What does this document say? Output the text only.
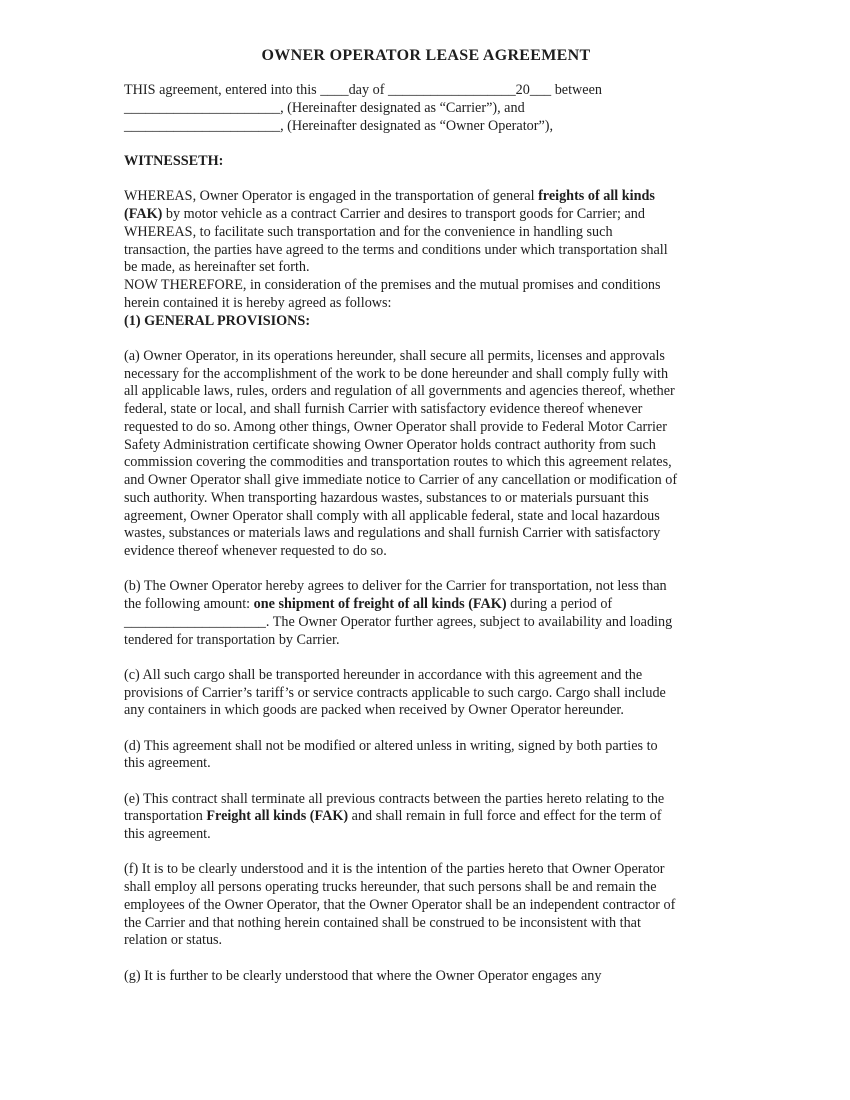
OWNER OPERATOR LEASE AGREEMENT

THIS agreement, entered into this ____day of __________________20___ between
______________________, (Hereinafter designated as “Carrier”), and
______________________, (Hereinafter designated as “Owner Operator”),

WITNESSETH:

WHEREAS, Owner Operator is engaged in the transportation of general freights of all kinds
(FAK) by motor vehicle as a contract Carrier and desires to transport goods for Carrier; and
WHEREAS, to facilitate such transportation and for the convenience in handling such
transaction, the parties have agreed to the terms and conditions under which transportation shall
be made, as hereinafter set forth.
NOW THEREFORE, in consideration of the premises and the mutual promises and conditions
herein contained it is hereby agreed as follows:
(1) GENERAL PROVISIONS:

(a) Owner Operator, in its operations hereunder, shall secure all permits, licenses and approvals
necessary for the accomplishment of the work to be done hereunder and shall comply fully with
all applicable laws, rules, orders and regulation of all governments and agencies thereof, whether
federal, state or local, and shall furnish Carrier with satisfactory evidence thereof whenever
requested to do so. Among other things, Owner Operator shall provide to Federal Motor Carrier
Safety Administration certificate showing Owner Operator holds contract authority from such
commission covering the commodities and transportation routes to which this agreement relates,
and Owner Operator shall give immediate notice to Carrier of any cancellation or modification of
such authority. When transporting hazardous wastes, substances to or materials pursuant this
agreement, Owner Operator shall comply with all applicable federal, state and local hazardous
wastes, substances or materials laws and regulations and shall furnish Carrier with satisfactory
evidence thereof whenever requested to do so.

(b) The Owner Operator hereby agrees to deliver for the Carrier for transportation, not less than
the following amount: one shipment of freight of all kinds (FAK) during a period of
____________________. The Owner Operator further agrees, subject to availability and loading
tendered for transportation by Carrier.

(c) All such cargo shall be transported hereunder in accordance with this agreement and the
provisions of Carrier’s tariff’s or service contracts applicable to such cargo. Cargo shall include
any containers in which goods are packed when received by Owner Operator hereunder.

(d) This agreement shall not be modified or altered unless in writing, signed by both parties to
this agreement.

(e) This contract shall terminate all previous contracts between the parties hereto relating to the
transportation Freight all kinds (FAK) and shall remain in full force and effect for the term of
this agreement.

(f) It is to be clearly understood and it is the intention of the parties hereto that Owner Operator
shall employ all persons operating trucks hereunder, that such persons shall be and remain the
employees of the Owner Operator, that the Owner Operator shall be an independent contractor of
the Carrier and that nothing herein contained shall be construed to be inconsistent with that
relation or status.

(g) It is further to be clearly understood that where the Owner Operator engages any
